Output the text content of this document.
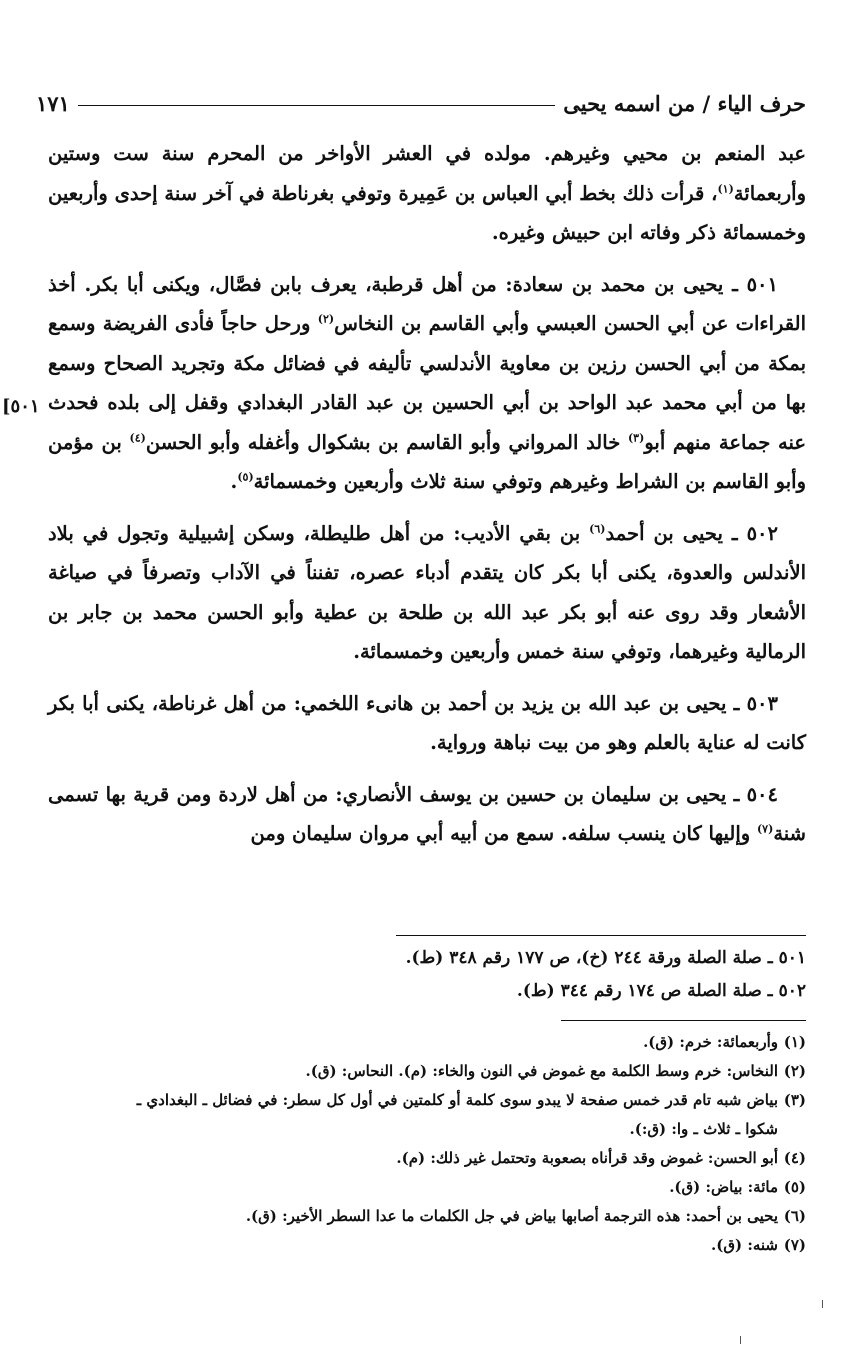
حرف الياء / من اسمه يحيى
١٧١
[٥٠١

عبد المنعم بن محيي وغيرهم. مولده في العشر الأواخر من المحرم سنة ست وستين وأربعمائة$^{(١)}$، قرأت ذلك بخط أبي العباس بن عَمِيرة وتوفي بغرناطة في آخر سنة إحدى وأربعين وخمسمائة ذكر وفاته ابن حبيش وغيره.

٥٠١ ـ يحيى بن محمد بن سعادة: من أهل قرطبة، يعرف بابن فصَّال، ويكنى أبا بكر. أخذ القراءات عن أبي الحسن العبسي وأبي القاسم بن النخاس$^{(٢)}$ ورحل حاجاً فأدى الفريضة وسمع بمكة من أبي الحسن رزين بن معاوية الأندلسي تأليفه في فضائل مكة وتجريد الصحاح وسمع بها من أبي محمد عبد الواحد بن أبي الحسين بن عبد القادر البغدادي وقفل إلى بلده فحدث عنه جماعة منهم أبو$^{(٣)}$ خالد المرواني وأبو القاسم بن بشكوال وأغفله وأبو الحسن$^{(٤)}$ بن مؤمن وأبو القاسم بن الشراط وغيرهم وتوفي سنة ثلاث وأربعين وخمسمائة$^{(٥)}$.

٥٠٢ ـ يحيى بن أحمد$^{(٦)}$ بن بقي الأديب: من أهل طليطلة، وسكن إشبيلية وتجول في بلاد الأندلس والعدوة، يكنى أبا بكر كان يتقدم أدباء عصره، تفنناً في الآداب وتصرفاً في صياغة الأشعار وقد روى عنه أبو بكر عبد الله بن طلحة بن عطية وأبو الحسن محمد بن جابر بن الرمالية وغيرهما، وتوفي سنة خمس وأربعين وخمسمائة.

٥٠٣ ـ يحيى بن عبد الله بن يزيد بن أحمد بن هانىء اللخمي: من أهل غرناطة، يكنى أبا بكر كانت له عناية بالعلم وهو من بيت نباهة ورواية.

٥٠٤ ـ يحيى بن سليمان بن حسين بن يوسف الأنصاري: من أهل لاردة ومن قرية بها تسمى شنة$^{(٧)}$ وإليها كان ينسب سلفه. سمع من أبيه أبي مروان سليمان ومن

٥٠١ ـ صلة الصلة ورقة ٢٤٤ (خ)، ص ١٧٧ رقم ٣٤٨ (ط).
٥٠٢ ـ صلة الصلة ص ١٧٤ رقم ٣٤٤ (ط).
(١)
وأربعمائة: خرم: (ق).
(٢)
النخاس: خرم وسط الكلمة مع غموض في النون والخاء: (م). النحاس: (ق).
(٣)
بياض شبه تام قدر خمس صفحة لا يبدو سوى كلمة أو كلمتين في أول كل سطر: في فضائل ـ البغدادي ـ
شكوا ـ ثلاث ـ وا: (ق:).
(٤)
أبو الحسن: غموض وقد قرأناه بصعوبة وتحتمل غير ذلك: (م).
(٥)
مائة: بياض: (ق).
(٦)
يحيى بن أحمد: هذه الترجمة أصابها بياض في جل الكلمات ما عدا السطر الأخير: (ق).
(٧)
شنه: (ق).
